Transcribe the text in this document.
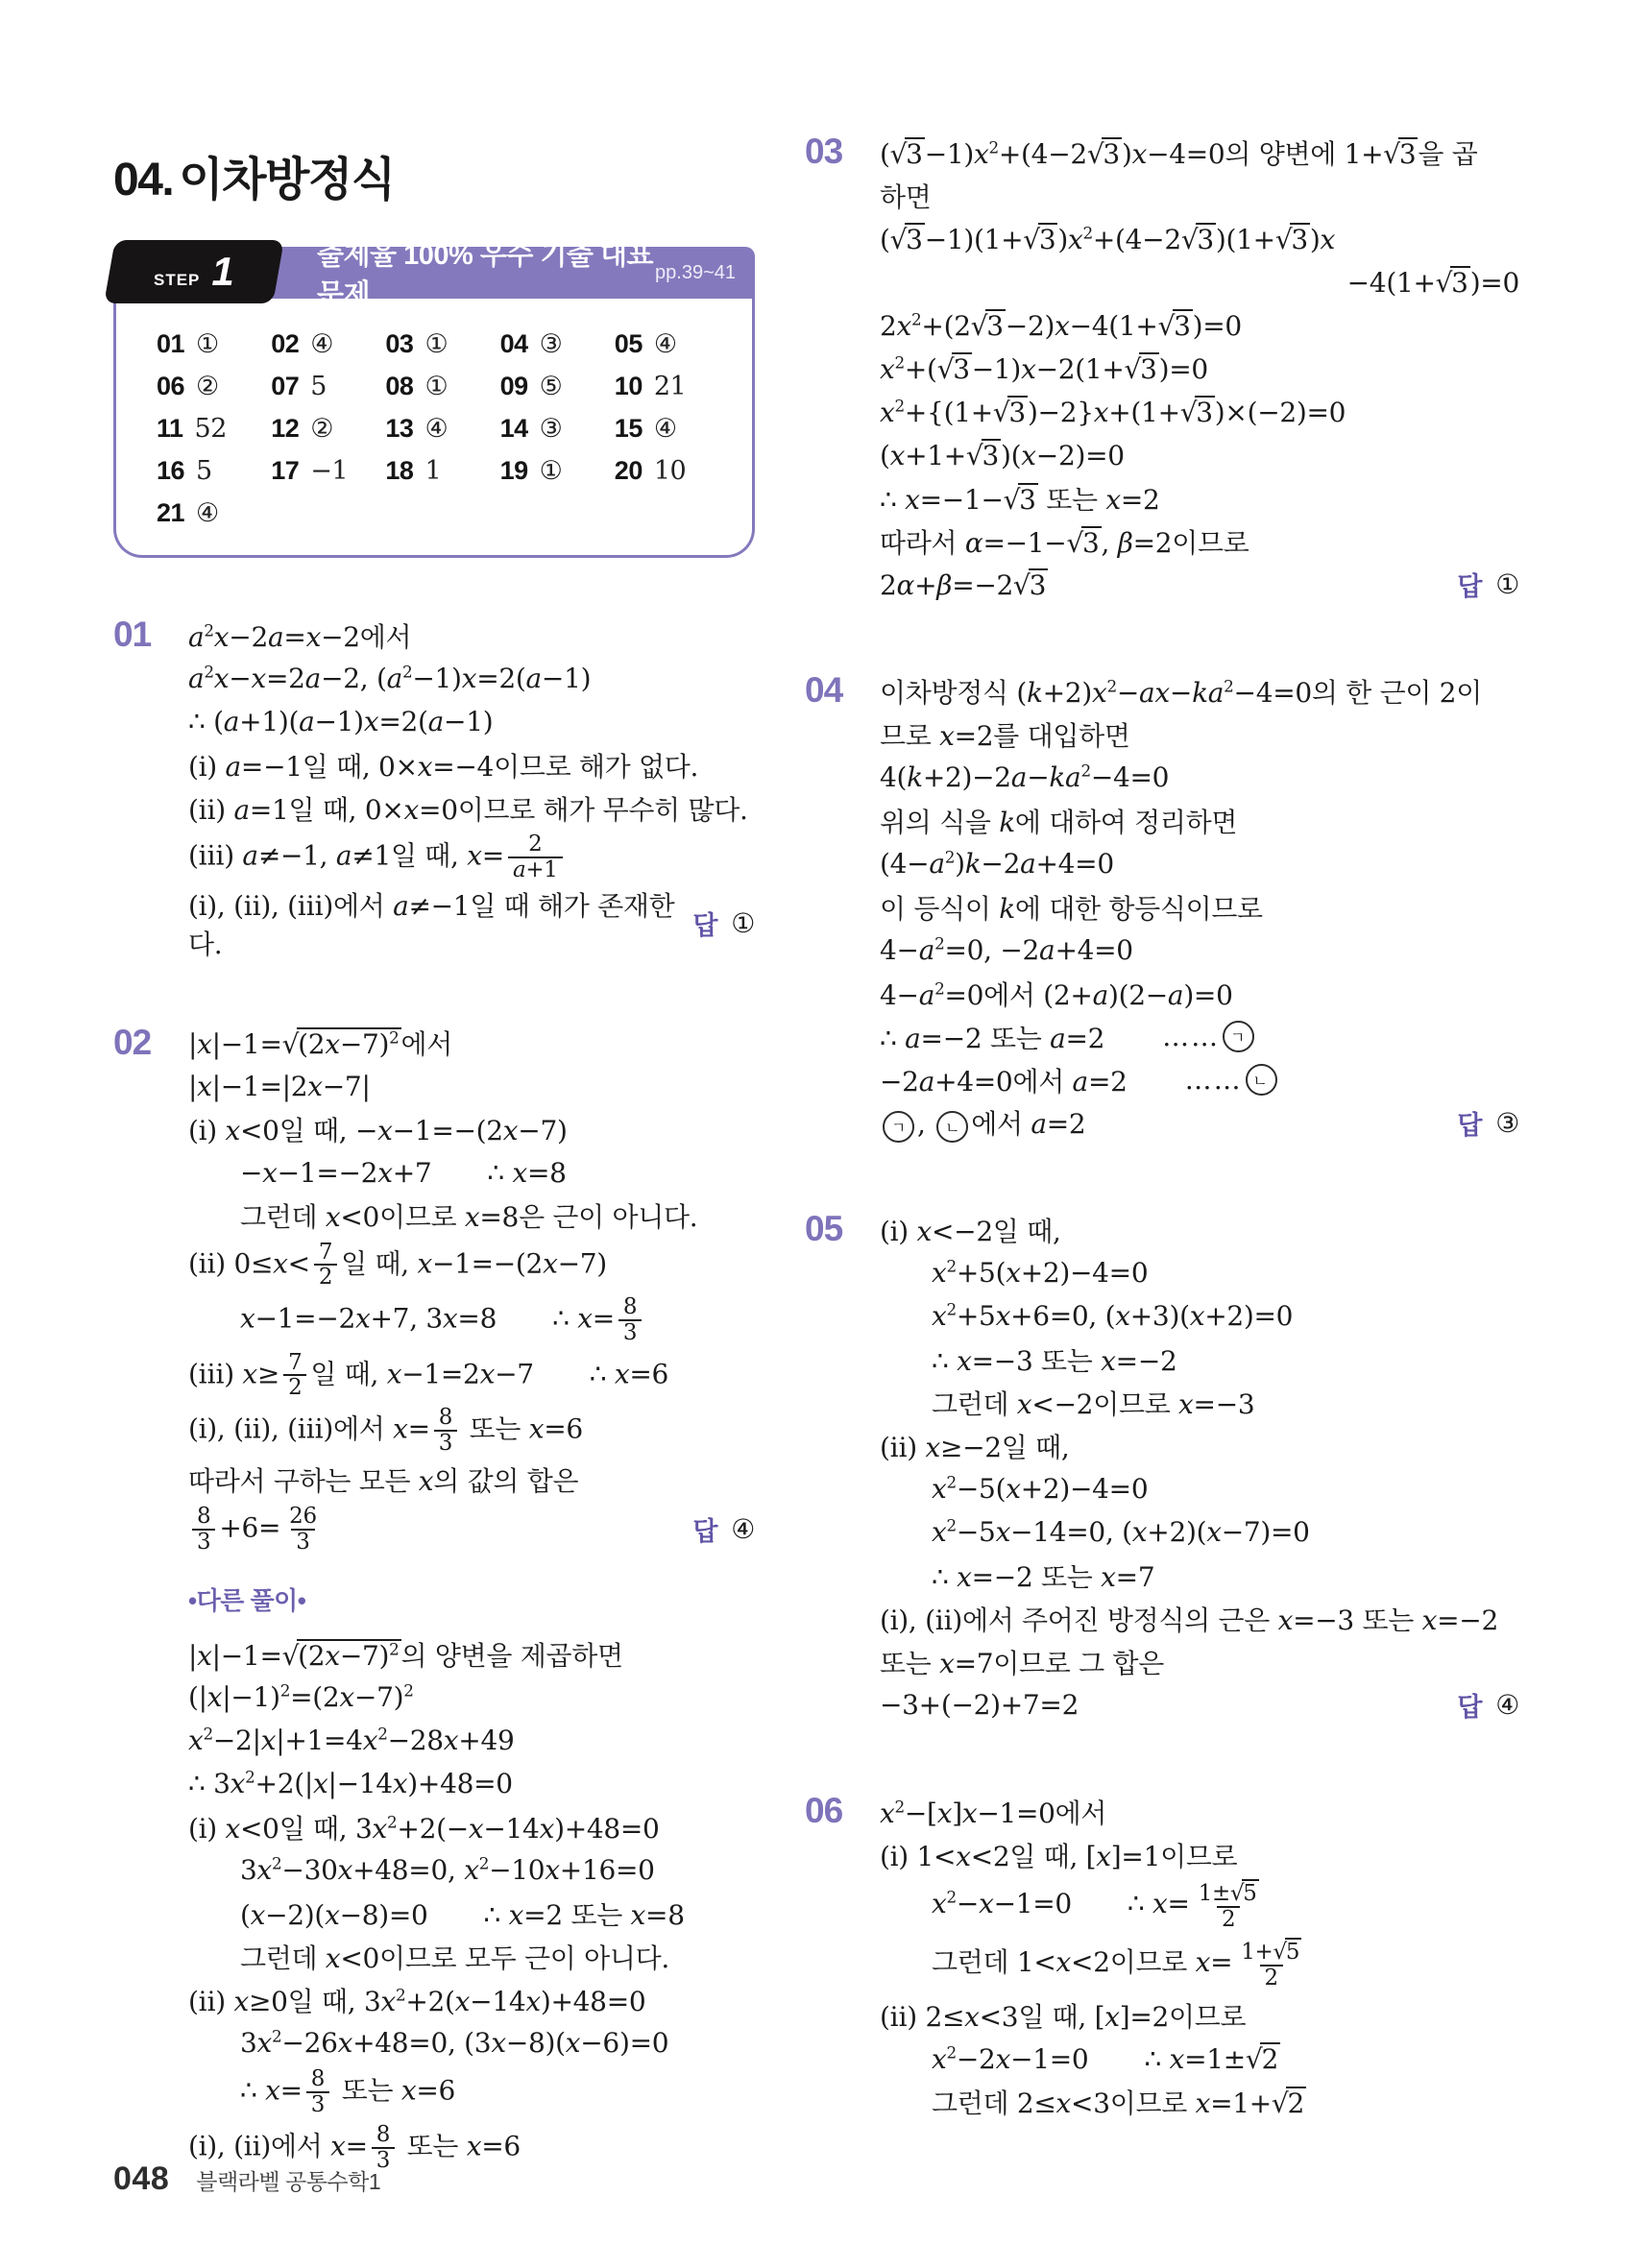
04. 이차방정식
STEP 1	출제율 100% 우수 기출 대표 문제
pp.39~41
01 ① 02 ④ 03 ① 04 ③ 05 ④
06 ② 07 5 08 ① 09 ⑤ 10 21
11 52 12 ② 13 ④ 14 ③ 15 ④
16 5 17 −1 18 1 19 ① 20 10
21 ④
01	$a^2x-2a=x-2$에서
$a^2x-x=2a-2$, $(a^2-1)x=2(a-1)$
∴ (a+1)(a−1)x=2(a−1)
(ⅰ) a=−1일 때, 0×x=−4이므로 해가 없다.
(ⅱ) a=1일 때, 0×x=0이므로 해가 무수히 많다.
(ⅲ) a≠−1, a≠1일 때, $x= \frac{2}{a+1}$
(ⅰ), (ⅱ), (ⅲ)에서 a≠−1일 때 해가 존재한다.
답 ①
02	$|x|-1=√(2x-7)^2$에서
|x|−1=|2x−7|
(ⅰ) x<0일 때, −x−1=−(2x−7)
−x−1=−2x+7 ∴ x=8
그런데 x<0이므로 x=8은 근이 아니다.
(ⅱ) $0\le x< \frac{7}{2}$ 일 때, x−1=−(2x−7)
x−1=−2x+7, 3x=8 ∴ $x= \frac{8}{3}$
(ⅲ) $x\ge \frac{7}{2}$ 일 때, x−1=2x−7 ∴ x=6
(ⅰ), (ⅱ), (ⅲ)에서 $x= \frac{8}{3}$ 또는 x=6
따라서 구하는 모든 x의 값의 합은
$\frac{8}{3} +6= \frac{26}{3}$	답 ④
•다른 풀이•
$|x|-1=√(2x-7)^2$의 양변을 제곱하면
$(|x|-1)^2=(2x-7)^2$
$x^2-2|x|+1=4x^2-28x+49$
∴ $3x^2+2(|x|-14x)+48=0$
(ⅰ) x<0일 때, $3x^2+2(-x-14x)+48=0$
$3x^2-30x+48=0$, $x^2-10x+16=0$
(x−2)(x−8)=0 ∴ x=2 또는 x=8
그런데 x<0이므로 모두 근이 아니다.
(ⅱ) x≥0일 때, $3x^2+2(x-14x)+48=0$
$3x^2-26x+48=0$, (3x−8)(x−6)=0
∴ $x= \frac{8}{3}$ 또는 x=6
(ⅰ), (ⅱ)에서 $x= \frac{8}{3}$ 또는 x=6
03	$(√3-1)x^2+(4-2√3)x-4=0$의 양변에 1+√3을 곱
하면
$(√3-1)(1+√3)x^2+(4-2√3)(1+√3)x$
−4(1+√3)=0
$2x^2+(2√3-2)x-4(1+√3)=0$
$x^2+(√3-1)x-2(1+√3)=0$
$x^2+\{(1+√3)-2\}x+(1+√3)\times(-2)=0$
(x+1+√3)(x−2)=0
∴ x=−1−√3 또는 x=2
따라서 α=−1−√3, β=2이므로
2α+β=−2√3	답 ①
04	이차방정식 $(k+2)x^2-ax-ka^2-4=0$의 한 근이 2이
므로 x=2를 대입하면
$4(k+2)-2a-ka^2-4=0$
위의 식을 k에 대하여 정리하면
$(4-a^2)k-2a+4=0$
이 등식이 k에 대한 항등식이므로
$4-a^2=0$, −2a+4=0
$4-a^2=0$에서 (2+a)(2−a)=0
∴ a=−2 또는 a=2 …… ㄱ
−2a+4=0에서 a=2 …… ㄴ
ㄱ , ㄴ 에서 a=2	답 ③
05	(ⅰ) x<−2일 때,
$x^2+5(x+2)-4=0$
$x^2+5x+6=0$, (x+3)(x+2)=0
∴ x=−3 또는 x=−2
그런데 x<−2이므로 x=−3
(ⅱ) x≥−2일 때,
$x^2-5(x+2)-4=0$
$x^2-5x-14=0$, (x+2)(x−7)=0
∴ x=−2 또는 x=7
(ⅰ), (ⅱ)에서 주어진 방정식의 근은 x=−3 또는 x=−2
또는 x=7이므로 그 합은
−3+(−2)+7=2	답 ④
06	$x^2-[x]x-1=0$에서
(ⅰ) 1<x<2일 때, [x]=1이므로
$x^2-x-1=0$ ∴ $x= \frac{1\pm√5}{2}$
그런데 1<x<2이므로 $x= \frac{1+√5}{2}$
(ⅱ) 2≤x<3일 때, [x]=2이므로
$x^2-2x-1=0$ ∴ x=1±√2
그런데 2≤x<3이므로 x=1+√2
048 블랙라벨 공통수학1
